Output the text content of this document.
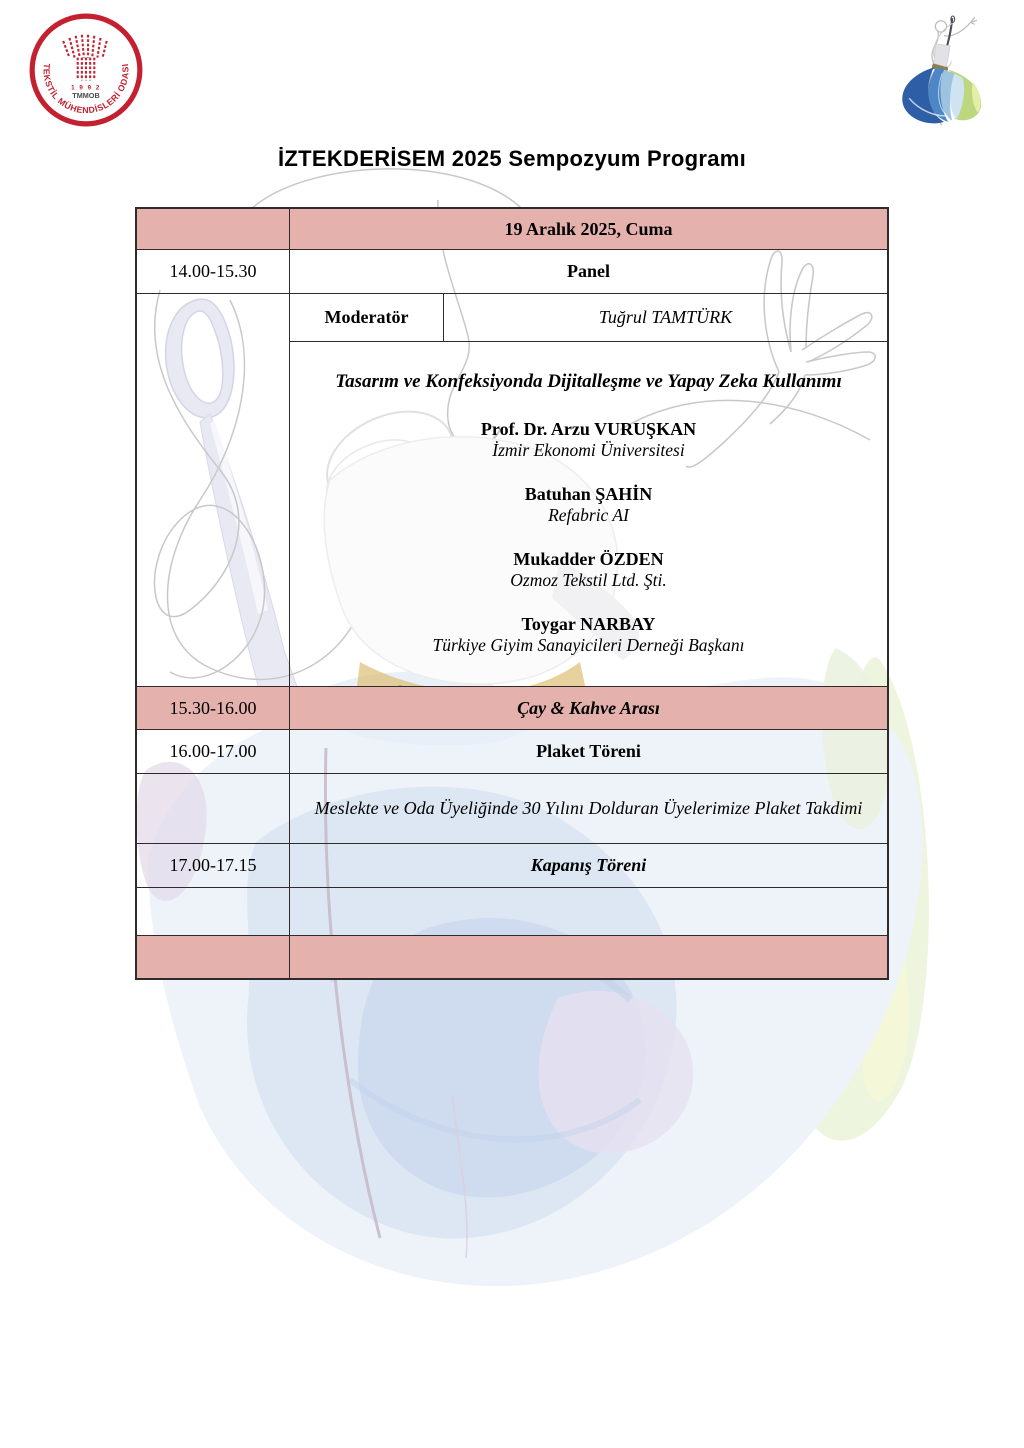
TEKSTİL MÜHENDİSLERİ ODASI
1 9 9 2
TMMOB
İZTEKDERİSEM 2025 Sempozyum Programı
19 Aralık 2025, Cuma
14.00-15.30	Panel
Moderatör	Tuğrul TAMTÜRK
Tasarım ve Konfeksiyonda Dijitalleşme ve Yapay Zeka Kullanımı
Prof. Dr. Arzu VURUŞKAN
İzmir Ekonomi Üniversitesi
Batuhan ŞAHİN
Refabric AI
Mukadder ÖZDEN
Ozmoz Tekstil Ltd. Şti.
Toygar NARBAY
Türkiye Giyim Sanayicileri Derneği Başkanı
15.30-16.00	Çay & Kahve Arası
16.00-17.00	Plaket Töreni
Meslekte ve Oda Üyeliğinde 30 Yılını Dolduran Üyelerimize Plaket Takdimi
17.00-17.15	Kapanış Töreni
